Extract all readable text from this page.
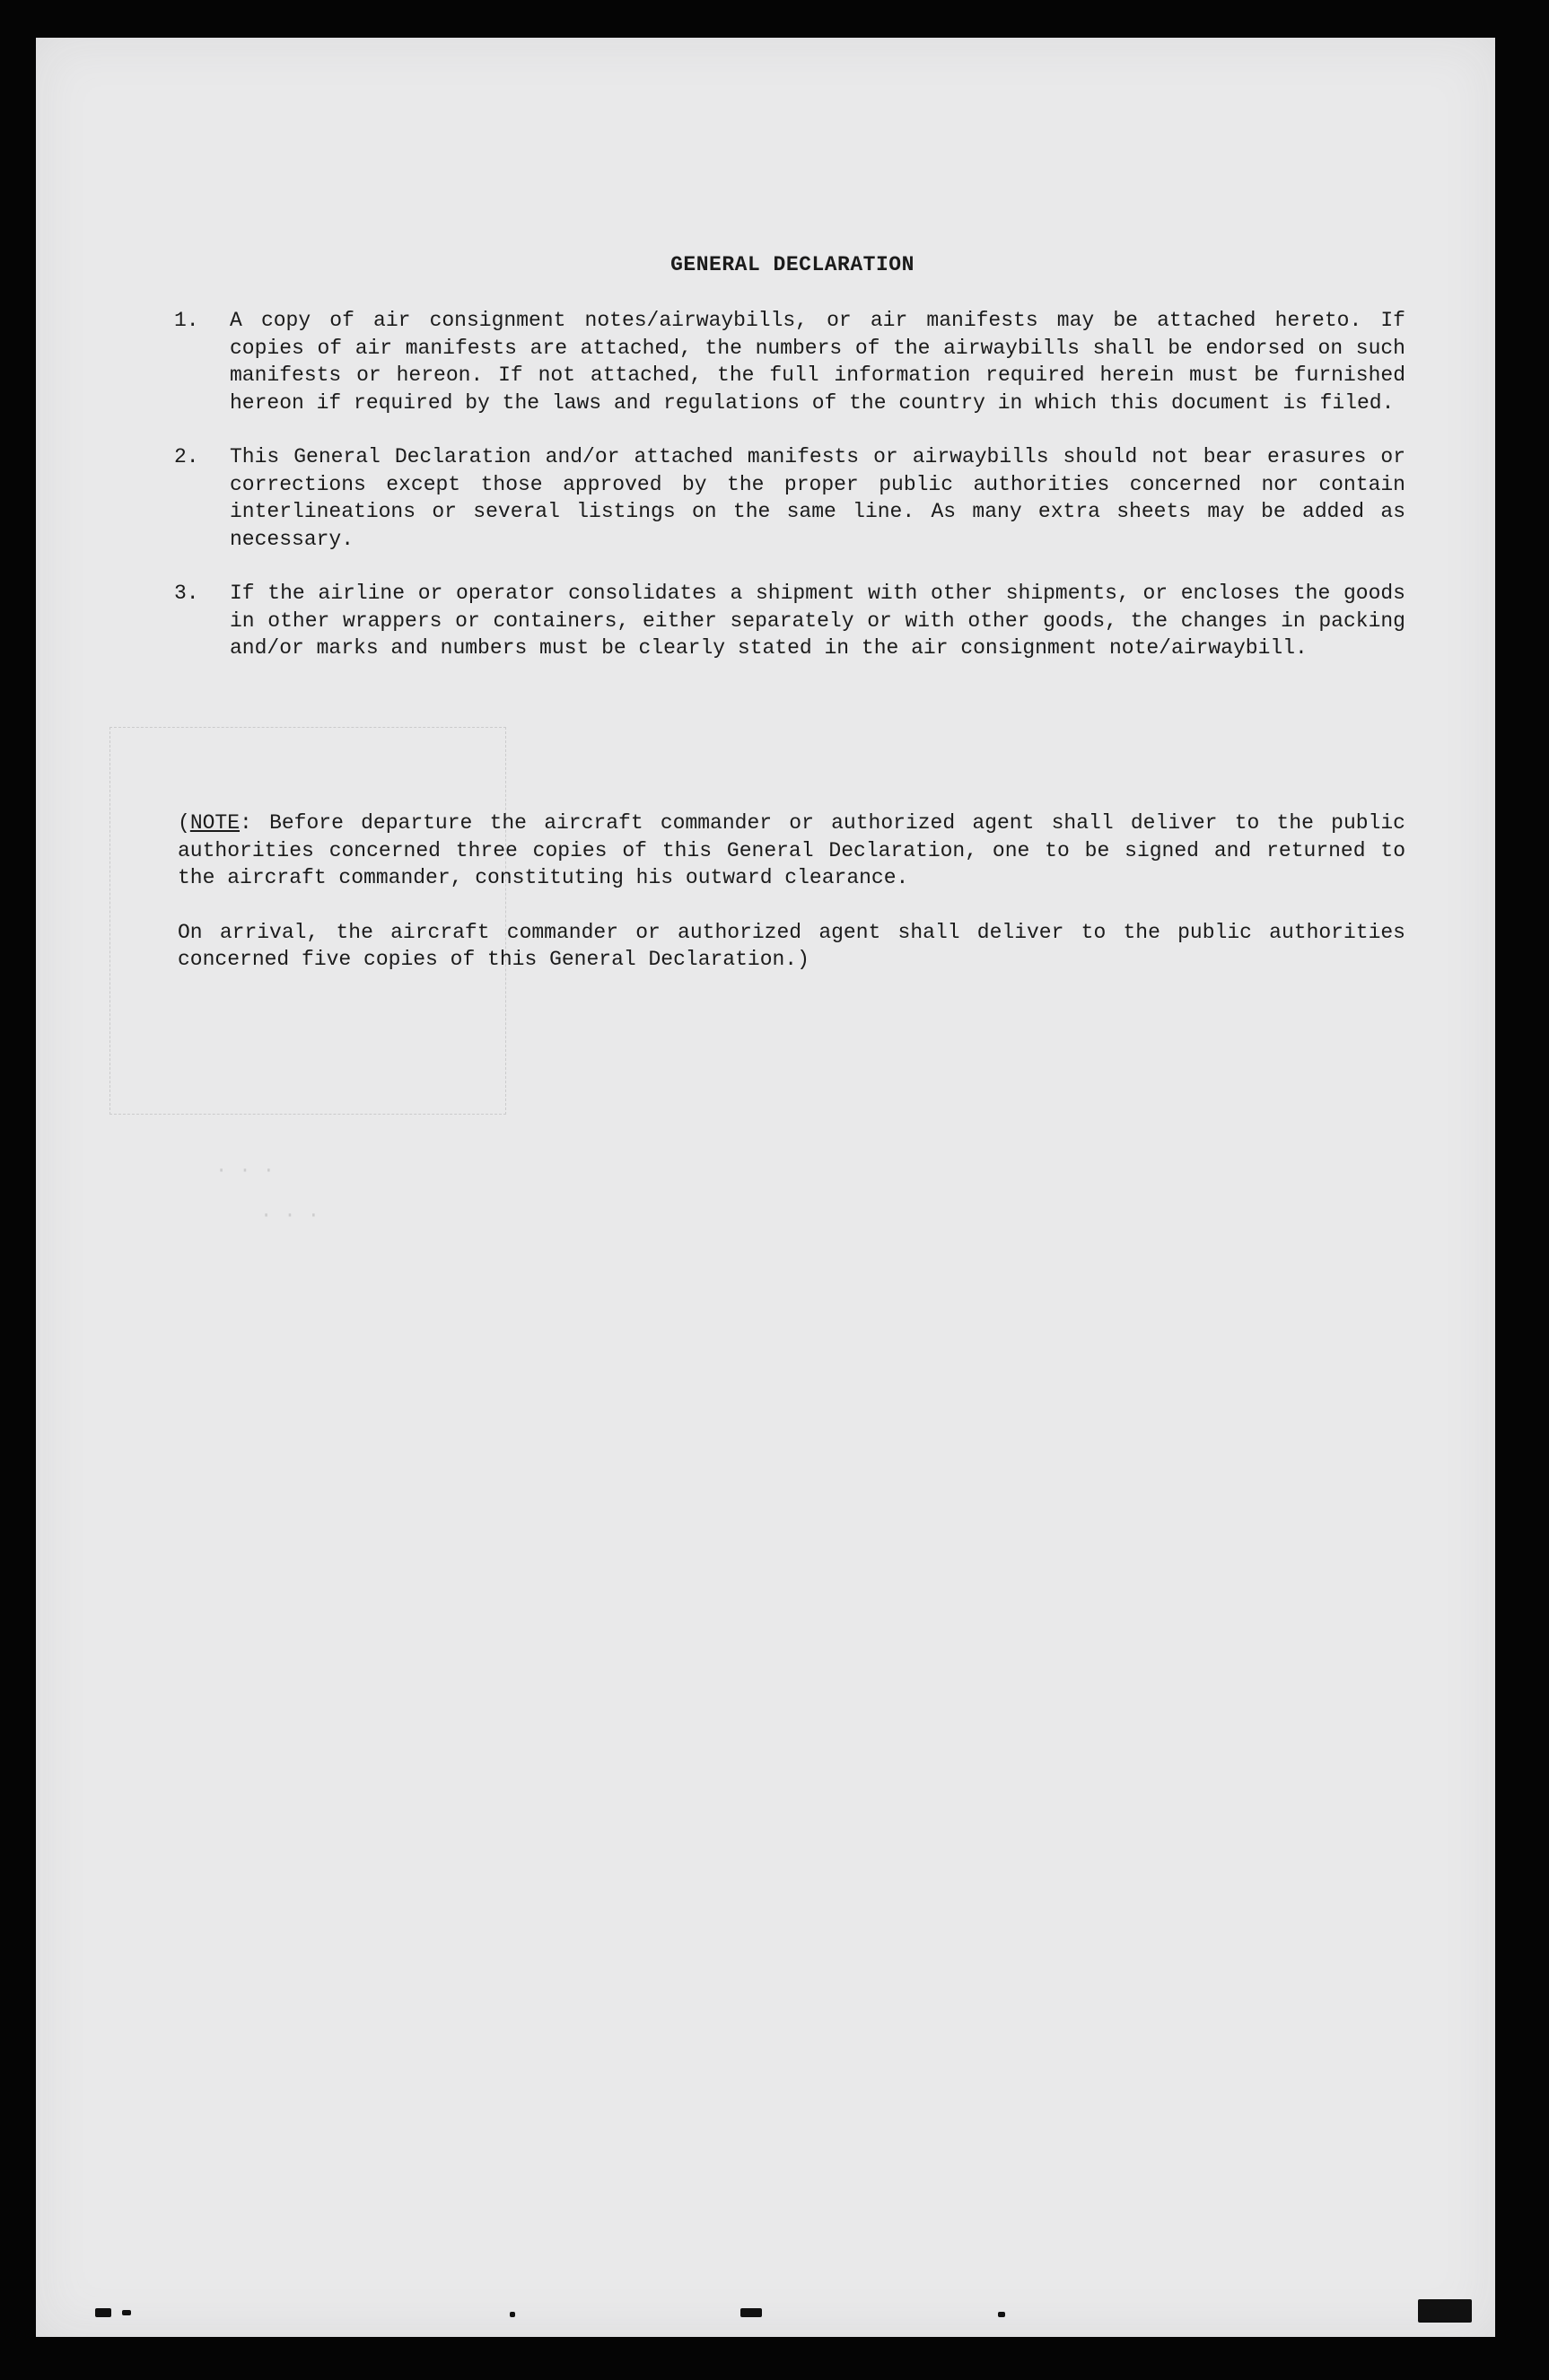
· · ·
· · ·
GENERAL DECLARATION
1.	A copy of air consignment notes/airwaybills, or air manifests may be attached hereto. If copies of air manifests are attached, the numbers of the airwaybills shall be endorsed on such manifests or hereon. If not attached, the full information required herein must be furnished hereon if required by the laws and regulations of the country in which this document is filed.
2.	This General Declaration and/or attached manifests or airwaybills should not bear erasures or corrections except those approved by the proper public authorities concerned nor contain interlineations or several listings on the same line. As many extra sheets may be added as necessary.
3.	If the airline or operator consolidates a shipment with other shipments, or encloses the goods in other wrappers or containers, either separately or with other goods, the changes in packing and/or marks and numbers must be clearly stated in the air consignment note/airwaybill.

(NOTE: Before departure the aircraft commander or authorized agent shall deliver to the public authorities concerned three copies of this General Declaration, one to be signed and returned to the aircraft commander, constituting his outward clearance.

On arrival, the aircraft commander or authorized agent shall deliver to the public authorities concerned five copies of this General Declaration.)
